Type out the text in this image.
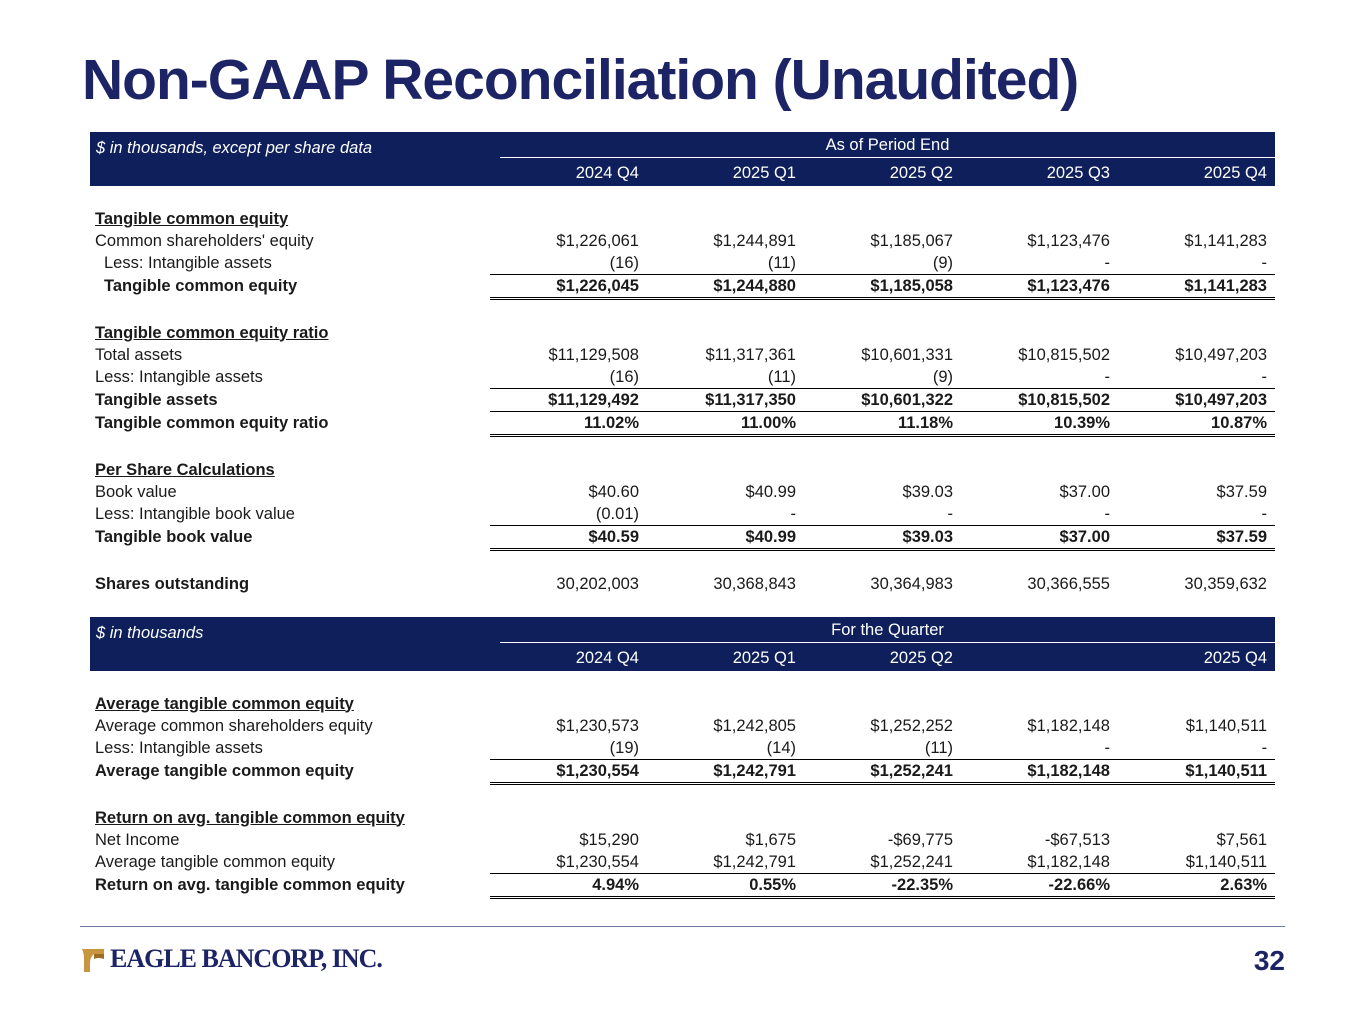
Non-GAAP Reconciliation (Unaudited)
$ in thousands, except per share data	As of Period End				

	2024 Q4	2025 Q1	2025 Q2	2025 Q3	2025 Q4

Tangible common equity					
Common shareholders' equity	$1,226,061	$1,244,891	$1,185,067	$1,123,476	$1,141,283
Less: Intangible assets	(16)	(11)	(9)	-	-
Tangible common equity	$1,226,045	$1,244,880	$1,185,058	$1,123,476	$1,141,283

Tangible common equity ratio					
Total assets	$11,129,508	$11,317,361	$10,601,331	$10,815,502	$10,497,203
Less: Intangible assets	(16)	(11)	(9)	-	-
Tangible assets	$11,129,492	$11,317,350	$10,601,322	$10,815,502	$10,497,203
Tangible common equity ratio	11.02%	11.00%	11.18%	10.39%	10.87%

Per Share Calculations					
Book value	$40.60	$40.99	$39.03	$37.00	$37.59
Less: Intangible book value	(0.01)	-	-	-	-
Tangible book value	$40.59	$40.99	$39.03	$37.00	$37.59

Shares outstanding	30,202,003	30,368,843	30,364,983	30,366,555	30,359,632

$ in thousands	For the Quarter				

	2024 Q4	2025 Q1	2025 Q2		2025 Q4

Average tangible common equity					
Average common shareholders equity	$1,230,573	$1,242,805	$1,252,252	$1,182,148	$1,140,511
Less: Intangible assets	(19)	(14)	(11)	-	-
Average tangible common equity	$1,230,554	$1,242,791	$1,252,241	$1,182,148	$1,140,511

Return on avg. tangible common equity					
Net Income	$15,290	$1,675	-$69,775	-$67,513	$7,561
Average tangible common equity	$1,230,554	$1,242,791	$1,252,241	$1,182,148	$1,140,511
Return on avg. tangible common equity	4.94%	0.55%	-22.35%	-22.66%	2.63%
EAGLE BANCORP, INC.	32
